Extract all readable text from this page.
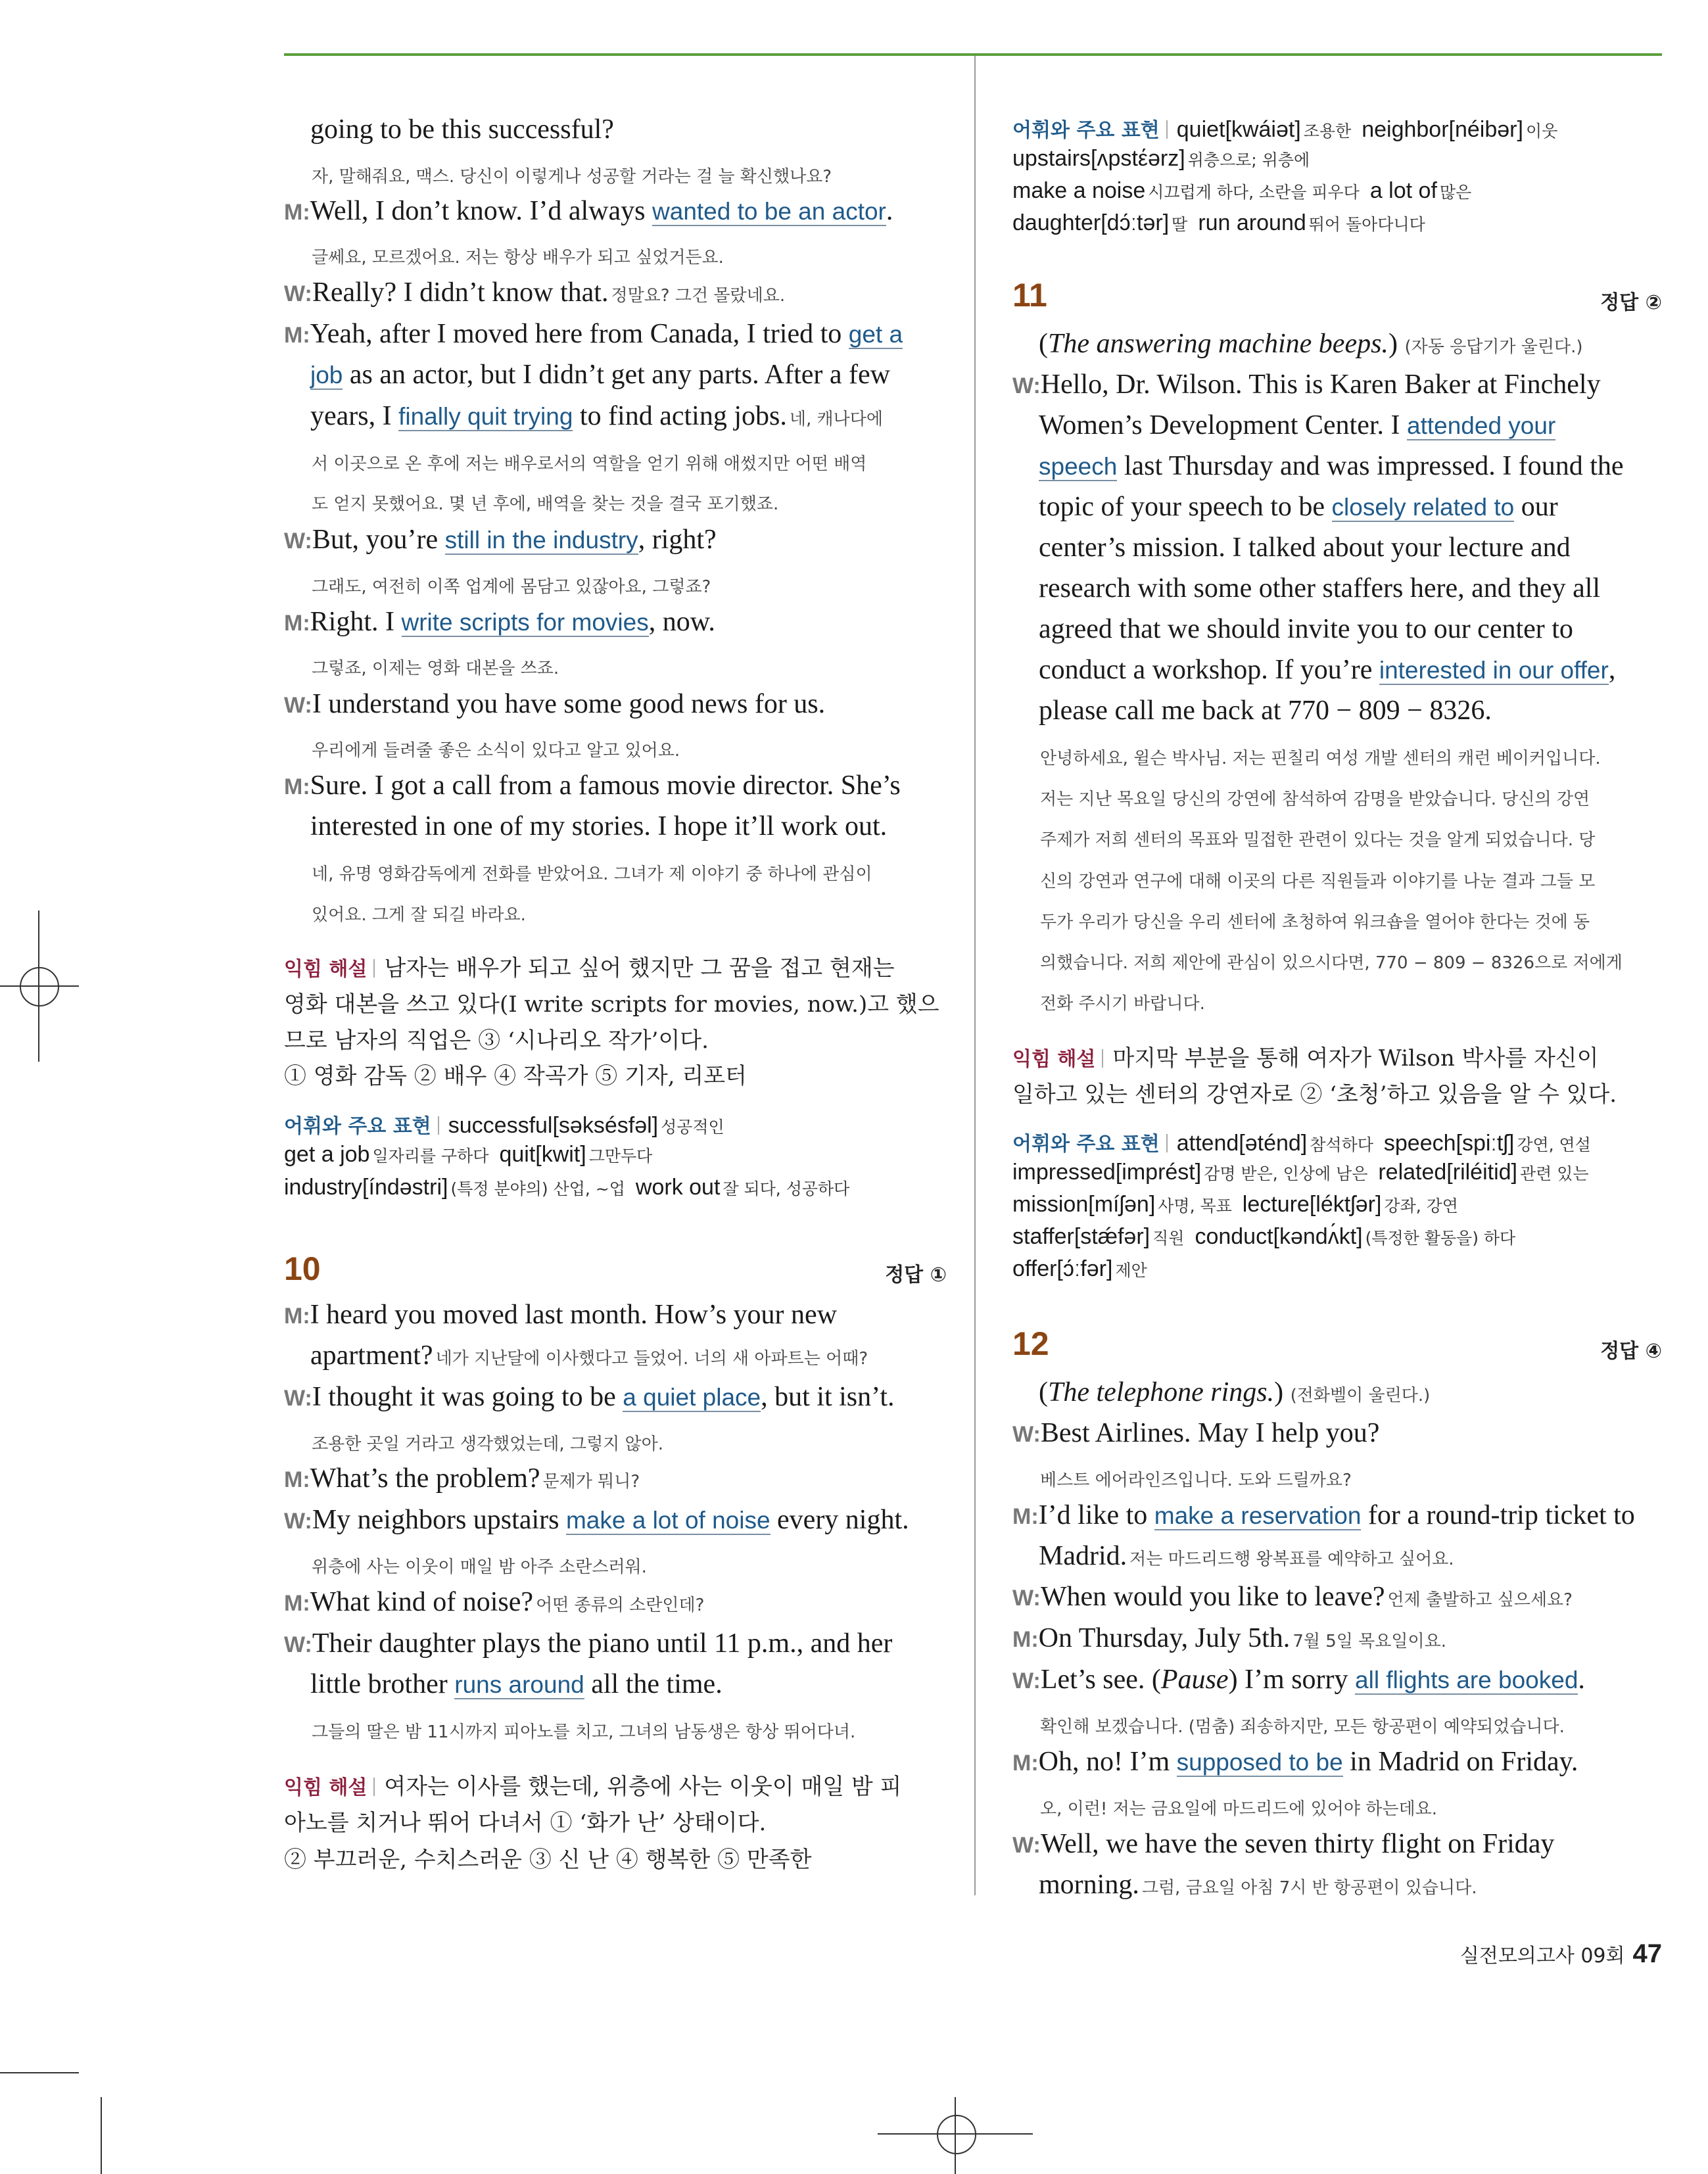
going to be this successful?
자, 말해줘요, 맥스. 당신이 이렇게나 성공할 거라는 걸 늘 확신했나요?
M:Well, I don’t know. I’d always wanted to be an actor.
글쎄요, 모르겠어요. 저는 항상 배우가 되고 싶었거든요.
W:Really? I didn’t know that. 정말요? 그건 몰랐네요.
M:Yeah, after I moved here from Canada, I tried to get a
job as an actor, but I didn’t get any parts. After a few
years, I finally quit trying to find acting jobs. 네, 캐나다에
서 이곳으로 온 후에 저는 배우로서의 역할을 얻기 위해 애썼지만 어떤 배역
도 얻지 못했어요. 몇 년 후에, 배역을 찾는 것을 결국 포기했죠.
W:But, you’re still in the industry, right?
그래도, 여전히 이쪽 업계에 몸담고 있잖아요, 그렇죠?
M:Right. I write scripts for movies, now.
그렇죠, 이제는 영화 대본을 쓰죠.
W:I understand you have some good news for us.
우리에게 들려줄 좋은 소식이 있다고 알고 있어요.
M:Sure. I got a call from a famous movie director. She’s
interested in one of my stories. I hope it’ll work out.
네, 유명 영화감독에게 전화를 받았어요. 그녀가 제 이야기 중 하나에 관심이
있어요. 그게 잘 되길 바라요.
익힘 해설 남자는 배우가 되고 싶어 했지만 그 꿈을 접고 현재는
영화 대본을 쓰고 있다(I write scripts for movies, now.)고 했으
므로 남자의 직업은 ③ ‘시나리오 작가’이다.
① 영화 감독 ② 배우 ④ 작곡가 ⑤ 기자, 리포터
어휘와 주요 표현 successful[səksésfəl] 성공적인
get a job 일자리를 구하다 quit[kwit] 그만두다
industry[índəstri] (특정 분야의) 산업, ~업 work out 잘 되다, 성공하다
10	정답 ①
M:I heard you moved last month. How’s your new
apartment? 네가 지난달에 이사했다고 들었어. 너의 새 아파트는 어때?
W:I thought it was going to be a quiet place, but it isn’t.
조용한 곳일 거라고 생각했었는데, 그렇지 않아.
M:What’s the problem? 문제가 뭐니?
W:My neighbors upstairs make a lot of noise every night.
위층에 사는 이웃이 매일 밤 아주 소란스러워.
M:What kind of noise? 어떤 종류의 소란인데?
W:Their daughter plays the piano until 11 p.m., and her
little brother runs around all the time.
그들의 딸은 밤 11시까지 피아노를 치고, 그녀의 남동생은 항상 뛰어다녀.
익힘 해설 여자는 이사를 했는데, 위층에 사는 이웃이 매일 밤 피
아노를 치거나 뛰어 다녀서 ① ‘화가 난’ 상태이다.
② 부끄러운, 수치스러운 ③ 신 난 ④ 행복한 ⑤ 만족한
어휘와 주요 표현 quiet[kwáiət] 조용한 neighbor[néibər] 이웃
upstairs[ʌpstέərz] 위층으로; 위층에
make a noise 시끄럽게 하다, 소란을 피우다 a lot of 많은
daughter[dɔ́ːtər] 딸 run around 뛰어 돌아다니다
11	정답 ②
(The answering machine beeps.) (자동 응답기가 울린다.)
W:Hello, Dr. Wilson. This is Karen Baker at Finchely
Women’s Development Center. I attended your
speech last Thursday and was impressed. I found the
topic of your speech to be closely related to our
center’s mission. I talked about your lecture and
research with some other staffers here, and they all
agreed that we should invite you to our center to
conduct a workshop. If you’re interested in our offer,
please call me back at 770 − 809 − 8326.
안녕하세요, 윌슨 박사님. 저는 핀칠리 여성 개발 센터의 캐런 베이커입니다.
저는 지난 목요일 당신의 강연에 참석하여 감명을 받았습니다. 당신의 강연
주제가 저희 센터의 목표와 밀접한 관련이 있다는 것을 알게 되었습니다. 당
신의 강연과 연구에 대해 이곳의 다른 직원들과 이야기를 나눈 결과 그들 모
두가 우리가 당신을 우리 센터에 초청하여 워크숍을 열어야 한다는 것에 동
의했습니다. 저희 제안에 관심이 있으시다면, 770 − 809 − 8326으로 저에게
전화 주시기 바랍니다.
익힘 해설 마지막 부분을 통해 여자가 Wilson 박사를 자신이
일하고 있는 센터의 강연자로 ② ‘초청’하고 있음을 알 수 있다.
어휘와 주요 표현 attend[əténd] 참석하다 speech[spiːtʃ] 강연, 연설
impressed[imprést] 감명 받은, 인상에 남은 related[riléitid] 관련 있는
mission[míʃən] 사명, 목표 lecture[léktʃər] 강좌, 강연
staffer[stǽfər] 직원 conduct[kəndʌ́kt] (특정한 활동을) 하다
offer[ɔ́ːfər] 제안
12	정답 ④
(The telephone rings.) (전화벨이 울린다.)
W:Best Airlines. May I help you?
베스트 에어라인즈입니다. 도와 드릴까요?
M:I’d like to make a reservation for a round-trip ticket to
Madrid. 저는 마드리드행 왕복표를 예약하고 싶어요.
W:When would you like to leave? 언제 출발하고 싶으세요?
M:On Thursday, July 5th. 7월 5일 목요일이요.
W:Let’s see. (Pause) I’m sorry all flights are booked.
확인해 보겠습니다. (멈춤) 죄송하지만, 모든 항공편이 예약되었습니다.
M:Oh, no! I’m supposed to be in Madrid on Friday.
오, 이런! 저는 금요일에 마드리드에 있어야 하는데요.
W:Well, we have the seven thirty flight on Friday
morning. 그럼, 금요일 아침 7시 반 항공편이 있습니다.
실전모의고사 09회 47
